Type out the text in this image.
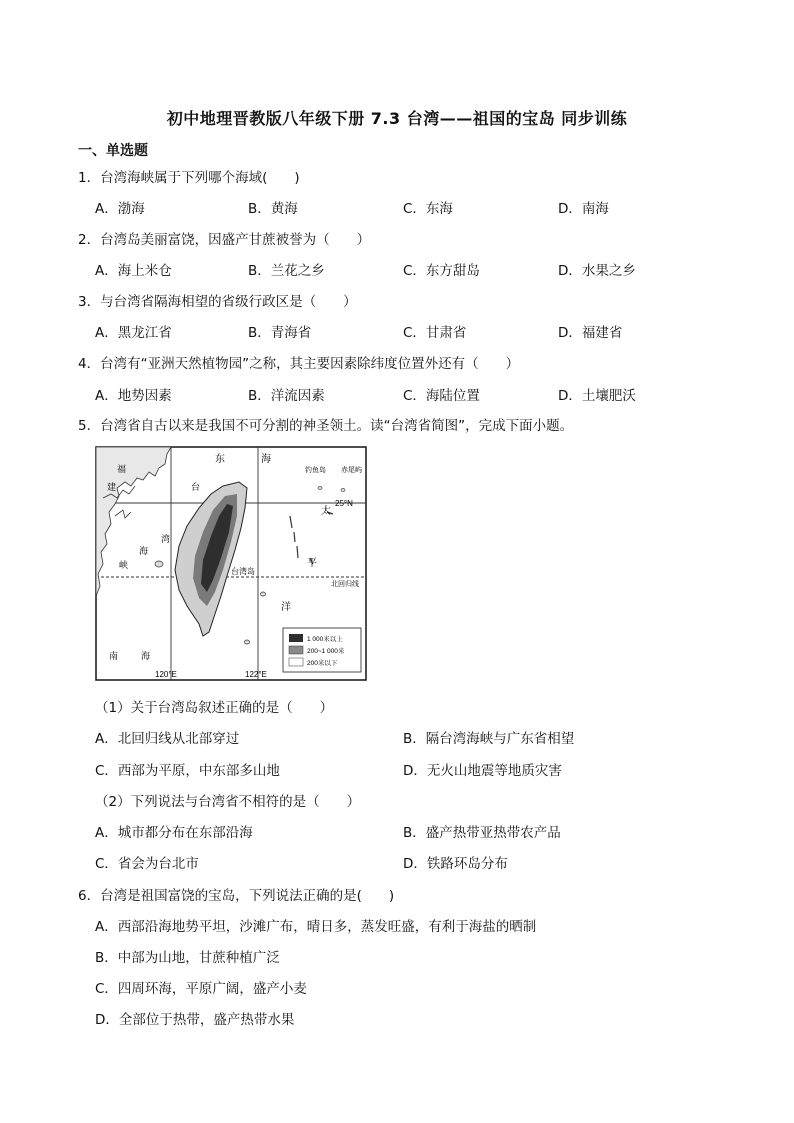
初中地理晋教版八年级下册 7.3 台湾——祖国的宝岛 同步训练
一、单选题
1．台湾海峡属于下列哪个海域(　　)
A．渤海	B．黄海	C．东海	D．南海
2．台湾岛美丽富饶，因盛产甘蔗被誉为（　　）
A．海上米仓	B．兰花之乡	C．东方甜岛	D．水果之乡
3．与台湾省隔海相望的省级行政区是（　　）
A．黑龙江省	B．青海省	C．甘肃省	D．福建省
4．台湾有“亚洲天然植物园”之称，其主要因素除纬度位置外还有（　　）
A．地势因素	B．洋流因素	C．海陆位置	D．土壤肥沃
5．台湾省自古以来是我国不可分割的神圣领土。读“台湾省简图”，完成下面小题。
东	海
钓鱼岛 赤尾屿
福
建	台
湾
海
峡
太
平
洋
台湾岛
南	海
25°N
北回归线
120°E	122°E
1 000米以上
200~1 000米
200米以下
（1）关于台湾岛叙述正确的是（　　）
A．北回归线从北部穿过	B．隔台湾海峡与广东省相望
C．西部为平原，中东部多山地	D．无火山地震等地质灾害
（2）下列说法与台湾省不相符的是（　　）
A．城市都分布在东部沿海	B．盛产热带亚热带农产品
C．省会为台北市	D．铁路环岛分布
6．台湾是祖国富饶的宝岛，下列说法正确的是(　　)
A．西部沿海地势平坦，沙滩广布，晴日多，蒸发旺盛，有利于海盐的晒制
B．中部为山地，甘蔗种植广泛
C．四周环海，平原广阔，盛产小麦
D．全部位于热带，盛产热带水果
